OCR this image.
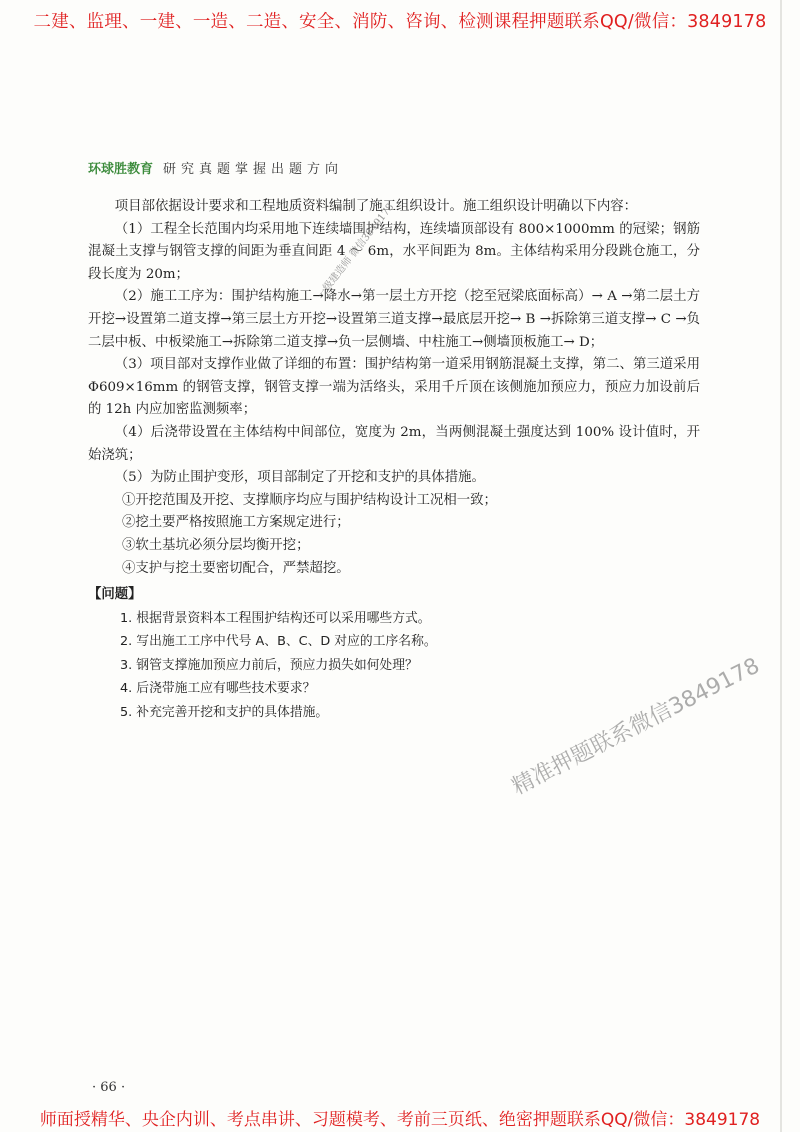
二建、监理、一建、一造、二造、安全、消防、咨询、检测课程押题联系QQ/微信：3849178
环球胜教育 研究真题掌握出题方向

项目部依据设计要求和工程地质资料编制了施工组织设计。施工组织设计明确以下内容：

（1）工程全长范围内均采用地下连续墙围护结构，连续墙顶部设有 800×1000mm 的冠梁；钢筋混凝土支撑与钢管支撑的间距为垂直间距 4 ～ 6m，水平间距为 8m。主体结构采用分段跳仓施工，分段长度为 20m；

（2）施工工序为：围护结构施工→降水→第一层土方开挖（挖至冠梁底面标高）→ A →第二层土方开挖→设置第二道支撑→第三层土方开挖→设置第三道支撑→最底层开挖→ B →拆除第三道支撑→ C →负二层中板、中板梁施工→拆除第二道支撑→负一层侧墙、中柱施工→侧墙顶板施工→ D；

（3）项目部对支撑作业做了详细的布置：围护结构第一道采用钢筋混凝土支撑，第二、第三道采用 Φ609×16mm 的钢管支撑，钢管支撑一端为活络头，采用千斤顶在该侧施加预应力，预应力加设前后的 12h 内应加密监测频率；

（4）后浇带设置在主体结构中间部位，宽度为 2m，当两侧混凝土强度达到 100% 设计值时，开始浇筑；

（5）为防止围护变形，项目部制定了开挖和支护的具体措施。

①开挖范围及开挖、支撑顺序均应与围护结构设计工况相一致；

②挖土要严格按照施工方案规定进行；

③软土基坑必须分层均衡开挖；

④支护与挖土要密切配合，严禁超挖。

【问题】

1. 根据背景资料本工程围护结构还可以采用哪些方式。

2. 写出施工工序中代号 A、B、C、D 对应的工序名称。

3. 钢管支撑施加预应力前后，预应力损失如何处理？

4. 后浇带施工应有哪些技术要求？

5. 补充完善开挖和支护的具体措施。

一级建造师 微信3849178
精准押题联系微信3849178
· 66 ·
师面授精华、央企内训、考点串讲、习题模考、考前三页纸、绝密押题联系QQ/微信：3849178
